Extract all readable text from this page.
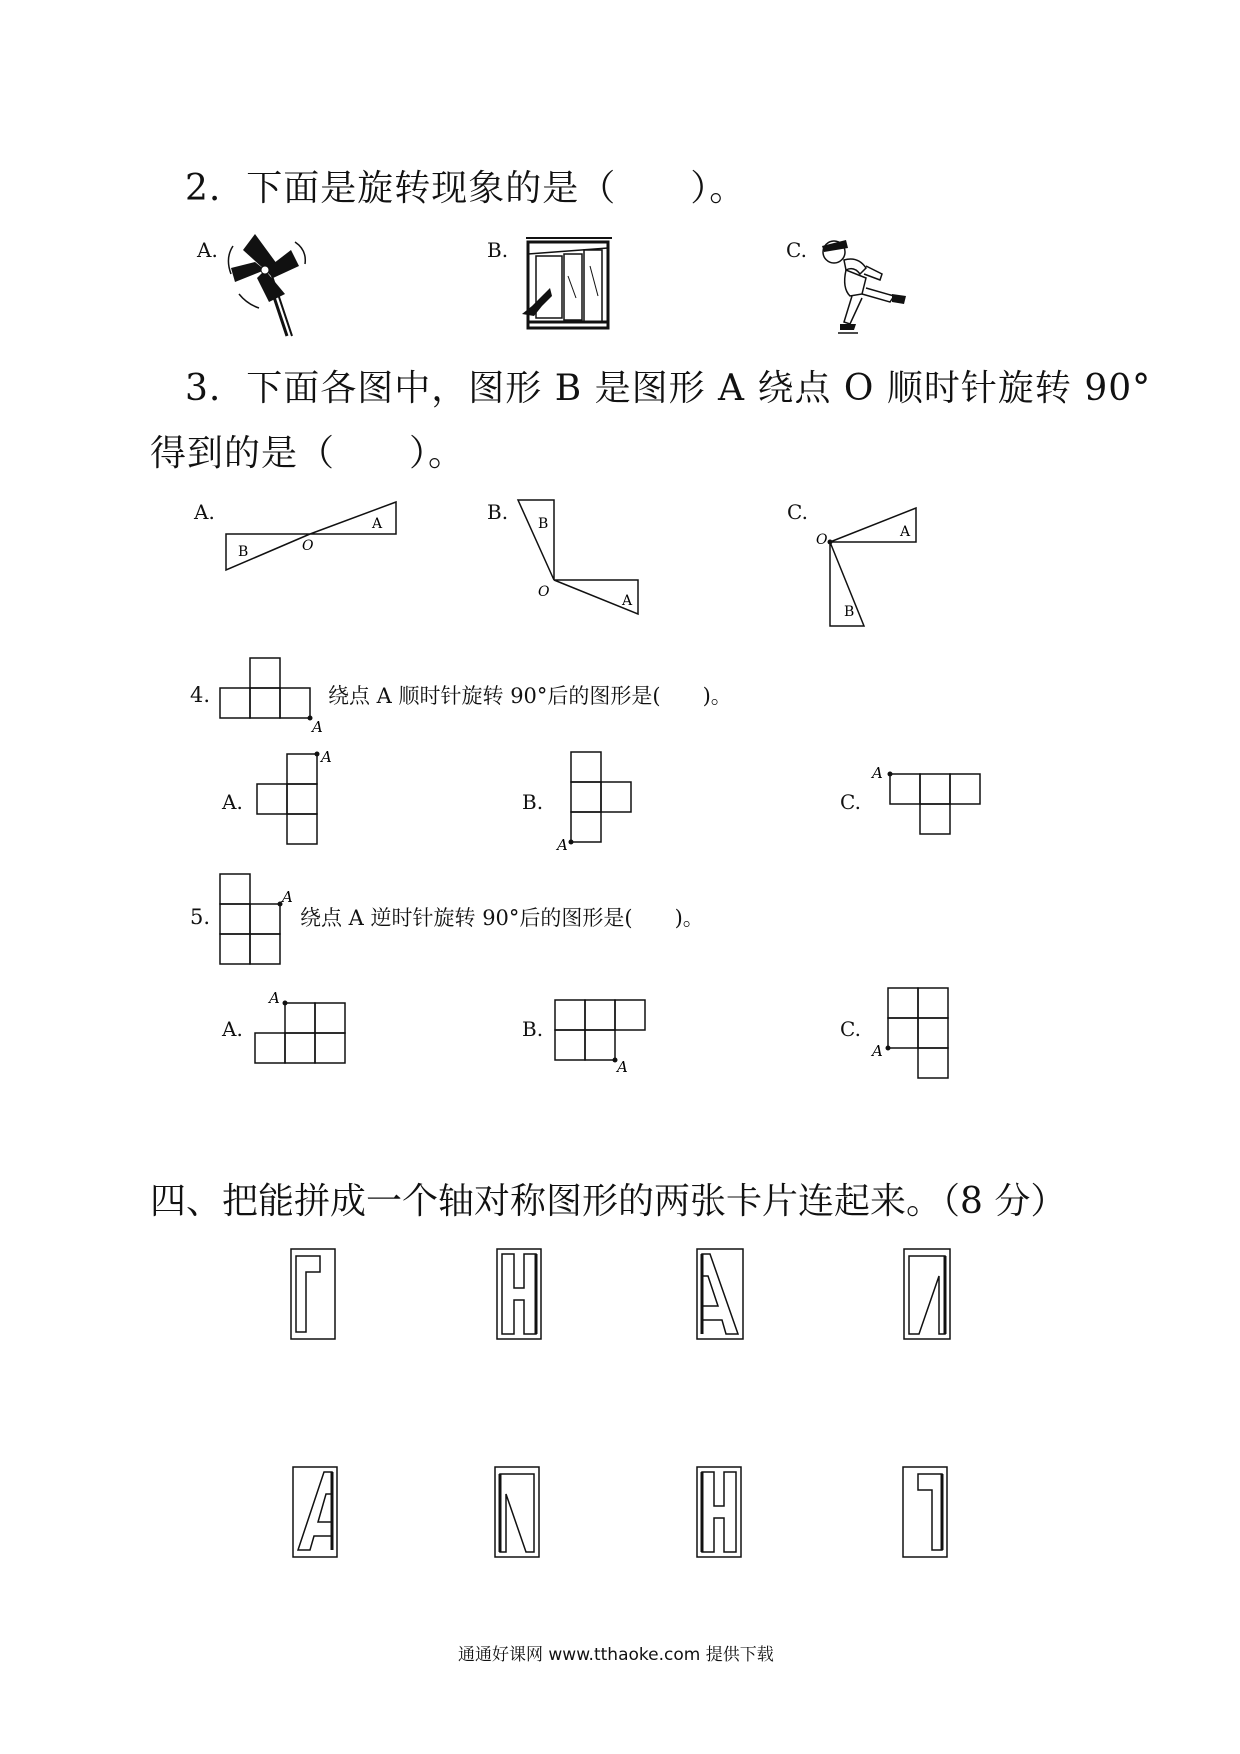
2. 下面是旋转现象的是（　　）。
A.	B.	C.
3. 下面各图中，图形 B 是图形 A 绕点 O 顺时针旋转 90°
得到的是（　　）。
A.	A
B	O
B. B
A
O
C.
A
B
O
4.
A
绕点 A 顺时针旋转 90°后的图形是(　　)。
A.
A
B.
A
C.
A
5.
A
绕点 A 逆时针旋转 90°后的图形是(　　)。
A.
A
B.
A
C.
A
四、把能拼成一个轴对称图形的两张卡片连起来。（8 分）
通通好课网 www.tthaoke.com 提供下载
